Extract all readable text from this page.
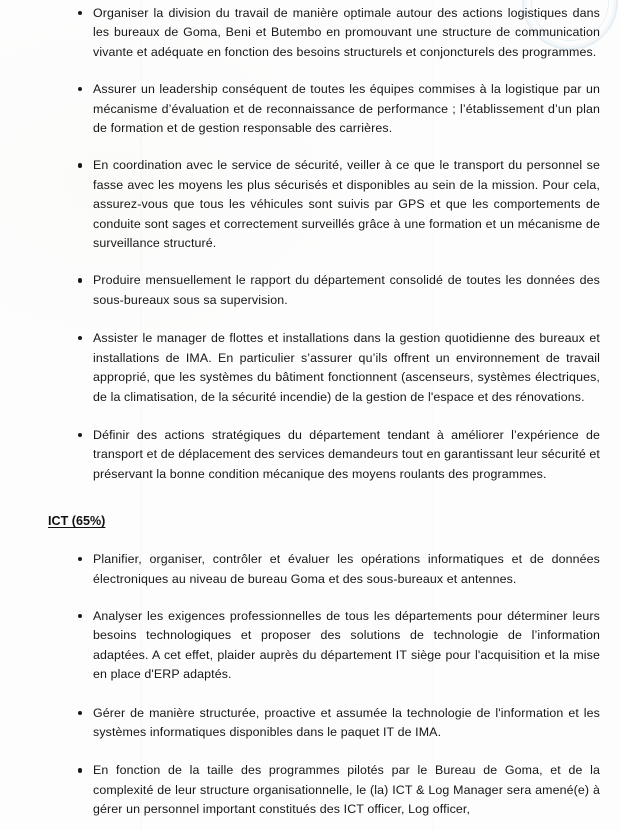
Organiser la division du travail de manière optimale autour des actions logistiques dans les bureaux de Goma, Beni et Butembo en promouvant une structure de communication vivante et adéquate en fonction des besoins structurels et conjoncturels des programmes.
Assurer un leadership conséquent de toutes les équipes commises à la logistique par un mécanisme d’évaluation et de reconnaissance de performance ; l’établissement d’un plan de formation et de gestion responsable des carrières.
En coordination avec le service de sécurité, veiller à ce que le transport du personnel se fasse avec les moyens les plus sécurisés et disponibles au sein de la mission. Pour cela, assurez-vous que tous les véhicules sont suivis par GPS et que les comportements de conduite sont sages et correctement surveillés grâce à une formation et un mécanisme de surveillance structuré.
Produire mensuellement le rapport du département consolidé de toutes les données des sous-bureaux sous sa supervision.
Assister le manager de flottes et installations dans la gestion quotidienne des bureaux et installations de IMA. En particulier s’assurer qu’ils offrent un environnement de travail approprié, que les systèmes du bâtiment fonctionnent (ascenseurs, systèmes électriques, de la climatisation, de la sécurité incendie) de la gestion de l'espace et des rénovations.
Définir des actions stratégiques du département tendant à améliorer l’expérience de transport et de déplacement des services demandeurs tout en garantissant leur sécurité et préservant la bonne condition mécanique des moyens roulants des programmes.
ICT (65%)
Planifier, organiser, contrôler et évaluer les opérations informatiques et de données électroniques au niveau de bureau Goma et des sous-bureaux et antennes.
Analyser les exigences professionnelles de tous les départements pour déterminer leurs besoins technologiques et proposer des solutions de technologie de l’information adaptées. A cet effet, plaider auprès du département IT siège pour l'acquisition et la mise en place d'ERP adaptés.
Gérer de manière structurée, proactive et assumée la technologie de l'information et les systèmes informatiques disponibles dans le paquet IT de IMA.
En fonction de la taille des programmes pilotés par le Bureau de Goma, et de la complexité de leur structure organisationnelle, le (la) ICT & Log Manager sera amené(e) à gérer un personnel important constitués des ICT officer, Log officer,
